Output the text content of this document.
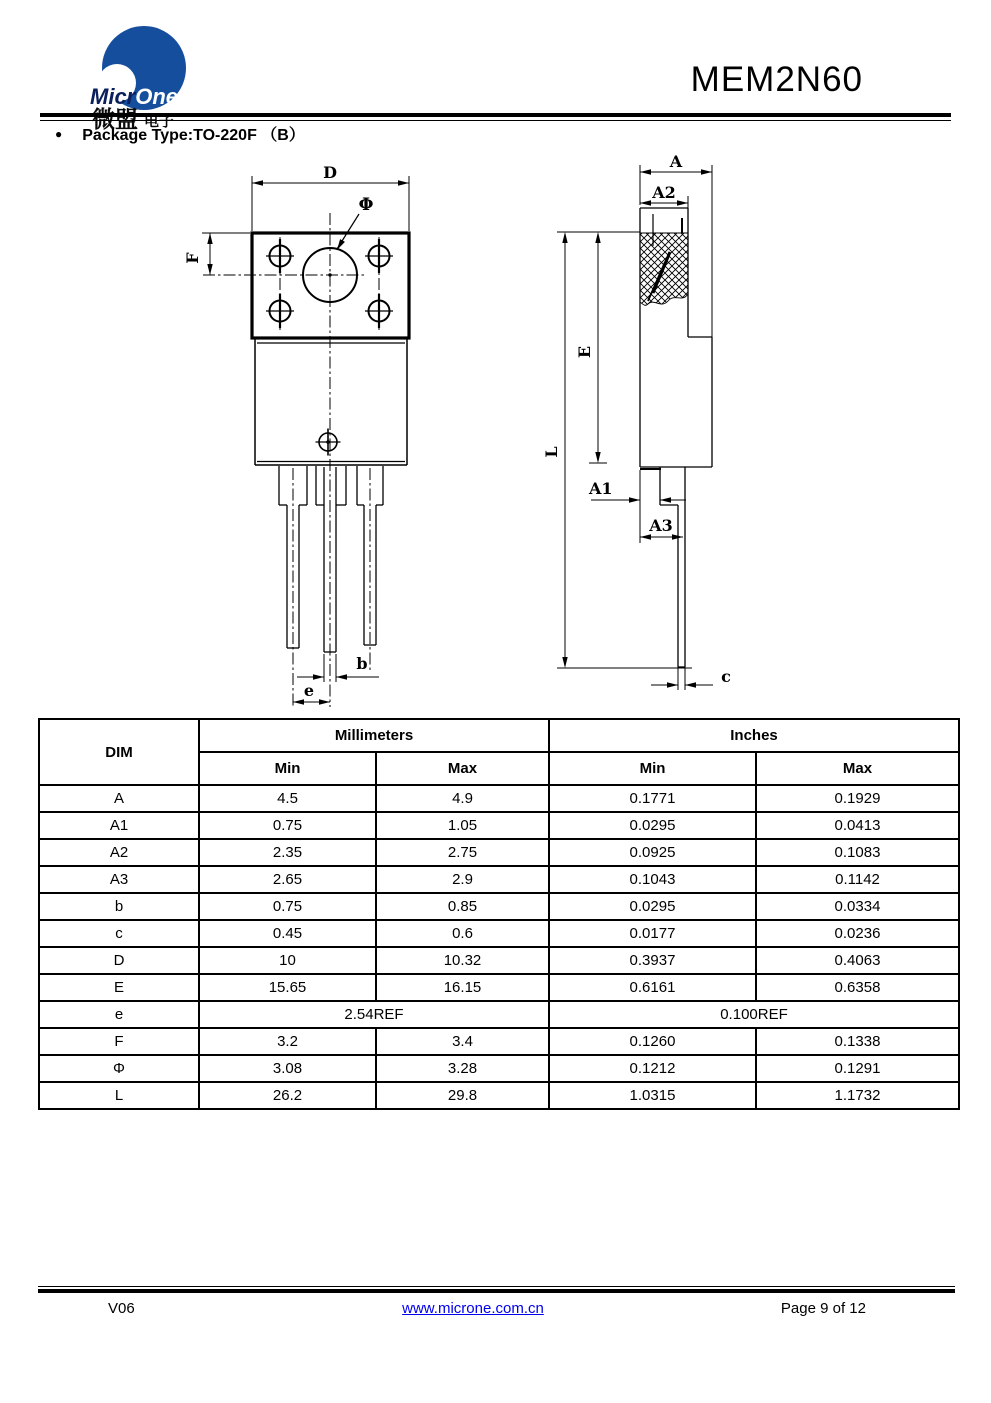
MicrOne
微盟 电子
MEM2N60
● Package Type:TO-220F （B）
D
F
Φ
b
e
L
E
A
A2
A1
A3
c
DIM	Millimeters		Inches	
	Min	Max	Min	Max
A	4.5	4.9	0.1771	0.1929
A1	0.75	1.05	0.0295	0.0413
A2	2.35	2.75	0.0925	0.1083
A3	2.65	2.9	0.1043	0.1142
b	0.75	0.85	0.0295	0.0334
c	0.45	0.6	0.0177	0.0236
D	10	10.32	0.3937	0.4063
E	15.65	16.15	0.6161	0.6358
e	2.54REF		0.100REF	
F	3.2	3.4	0.1260	0.1338
Φ	3.08	3.28	0.1212	0.1291
L	26.2	29.8	1.0315	1.1732
V06	www.microne.com.cn	Page 9 of 12
